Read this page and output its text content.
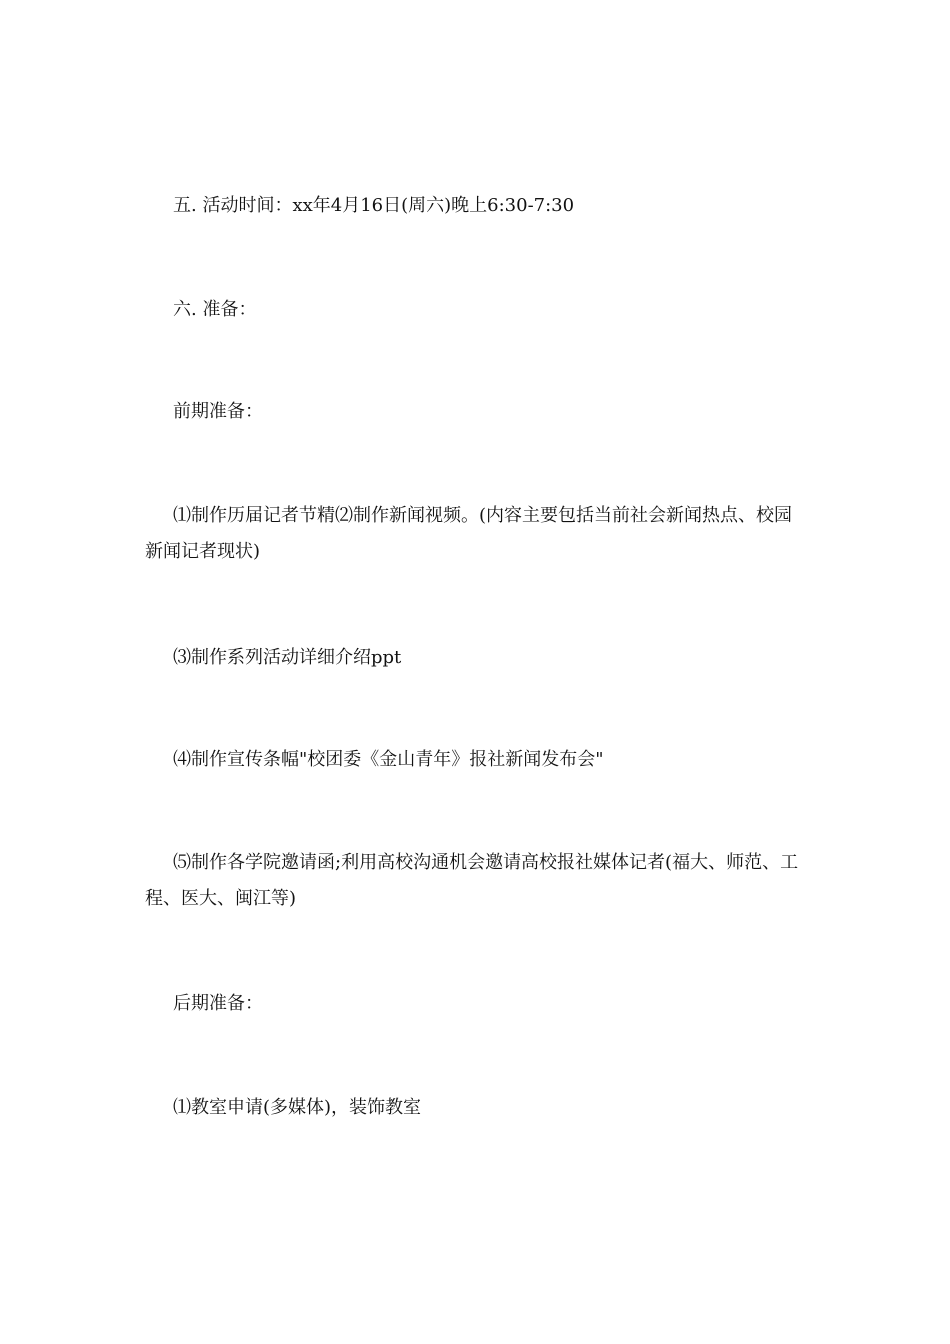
五. 活动时间：xx年4月16日(周六)晚上6:30-7:30

六. 准备：

前期准备：

⑴制作历届记者节精⑵制作新闻视频。(内容主要包括当前社会新闻热点、校园新闻记者现状)

⑶制作系列活动详细介绍ppt

⑷制作宣传条幅"校团委《金山青年》报社新闻发布会"

⑸制作各学院邀请函;利用高校沟通机会邀请高校报社媒体记者(福大、师范、工程、医大、闽江等)

后期准备：

⑴教室申请(多媒体)，装饰教室
